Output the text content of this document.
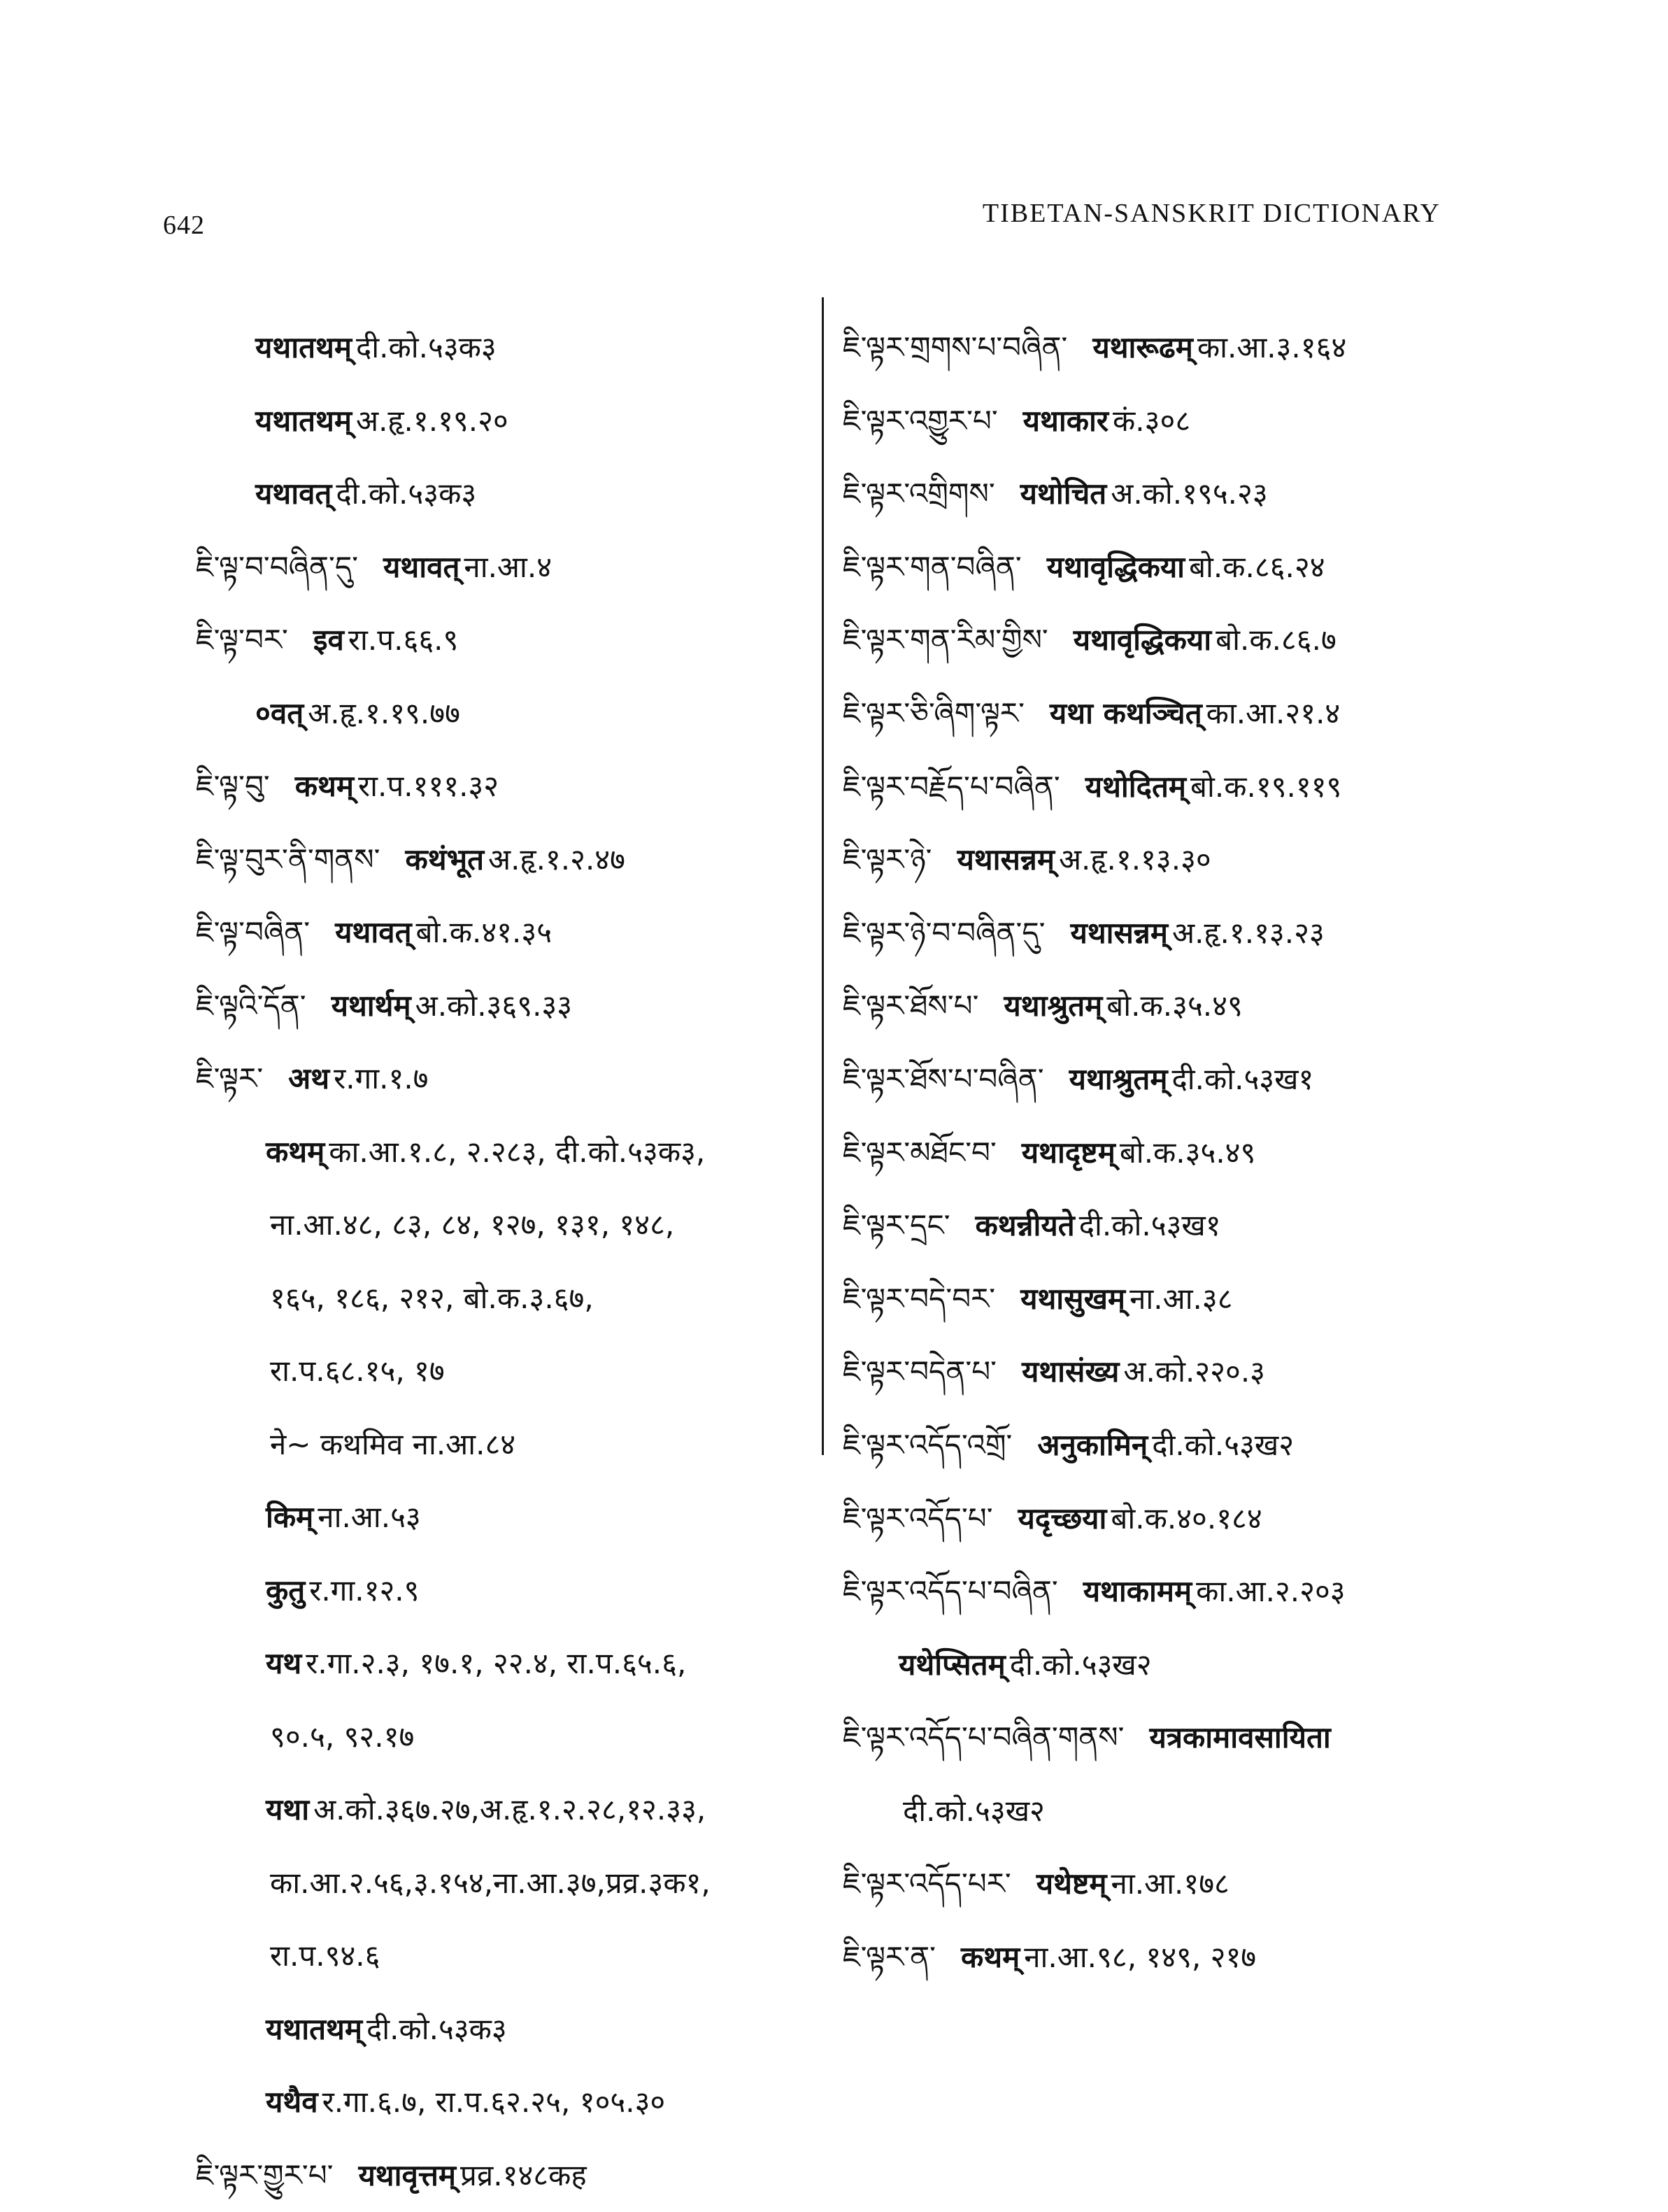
642	TIBETAN-SANSKRIT DICTIONARY
यथातथम् दी.को.५३क३
यथातथम् अ.हृ.१.१९.२०
यथावत् दी.को.५३क३
ཇི་ལྟ་བ་བཞིན་དུ་ यथावत् ना.आ.४
ཇི་ལྟ་བར་ इव रा.प.६६.९
०वत् अ.हृ.१.१९.७७
ཇི་ལྟ་བུ་ कथम् रा.प.१११.३२
ཇི་ལྟ་བུར་ནི་གནས་ कथंभूत अ.हृ.१.२.४७
ཇི་ལྟ་བཞིན་ यथावत् बो.क.४१.३५
ཇི་ལྟའི་དོན་ यथार्थम् अ.को.३६९.३३
ཇི་ལྟར་ अथ र.गा.१.७
कथम् का.आ.१.८, २.२८३, दी.को.५३क३,
ना.आ.४८, ८३, ८४, १२७, १३१, १४८,
१६५, १८६, २१२, बो.क.३.६७,
रा.प.६८.१५, १७
ने~ कथमिव ना.आ.८४
किम् ना.आ.५३
कुतु र.गा.१२.९
यथ र.गा.२.३, १७.१, २२.४, रा.प.६५.६,
९०.५, ९२.१७
यथा अ.को.३६७.२७,अ.हृ.१.२.२८,१२.३३,
का.आ.२.५६,३.१५४,ना.आ.३७,प्रव्र.३क१,
रा.प.९४.६
यथातथम् दी.को.५३क३
यथैव र.गा.६.७, रा.प.६२.२५, १०५.३०
ཇི་ལྟར་གྱུར་པ་ यथावृत्तम् प्रव्र.१४८कह
ཇི་ལྟར་གྲགས་པ་བཞིན་ यथारूढम् का.आ.३.१६४
ཇི་ལྟར་འགྱུར་པ་ यथाकार कं.३०८
ཇི་ལྟར་འགྲིགས་ यथोचित अ.को.१९५.२३
ཇི་ལྟར་གན་བཞིན་ यथावृद्धिकया बो.क.८६.२४
ཇི་ལྟར་གན་རིམ་གྱིས་ यथावृद्धिकया बो.क.८६.७
ཇི་ལྟར་ཅི་ཞིག་ལྟར་ यथा कथञ्चित् का.आ.२१.४
ཇི་ལྟར་བརྗོད་པ་བཞིན་ यथोदितम् बो.क.१९.११९
ཇི་ལྟར་ཉེ་ यथासन्नम् अ.हृ.१.१३.३०
ཇི་ལྟར་ཉེ་བ་བཞིན་དུ་ यथासन्नम् अ.हृ.१.१३.२३
ཇི་ལྟར་ཐོས་པ་ यथाश्रुतम् बो.क.३५.४९
ཇི་ལྟར་ཐོས་པ་བཞིན་ यथाश्रुतम् दी.को.५३ख१
ཇི་ལྟར་མཐོང་བ་ यथादृष्टम् बो.क.३५.४९
ཇི་ལྟར་དྲང་ कथन्नीयते दी.को.५३ख१
ཇི་ལྟར་བདེ་བར་ यथासुखम् ना.आ.३८
ཇི་ལྟར་བདེན་པ་ यथासंख्य अ.को.२२०.३
ཇི་ལྟར་འདོད་འགྲོ་ अनुकामिन् दी.को.५३ख२
ཇི་ལྟར་འདོད་པ་ यदृच्छया बो.क.४०.१८४
ཇི་ལྟར་འདོད་པ་བཞིན་ यथाकामम् का.आ.२.२०३
यथेप्सितम् दी.को.५३ख२
ཇི་ལྟར་འདོད་པ་བཞིན་གནས་ यत्रकामावसायिता
दी.को.५३ख२
ཇི་ལྟར་འདོད་པར་ यथेष्टम् ना.आ.१७८
ཇི་ལྟར་ན་ कथम् ना.आ.९८, १४९, २१७
